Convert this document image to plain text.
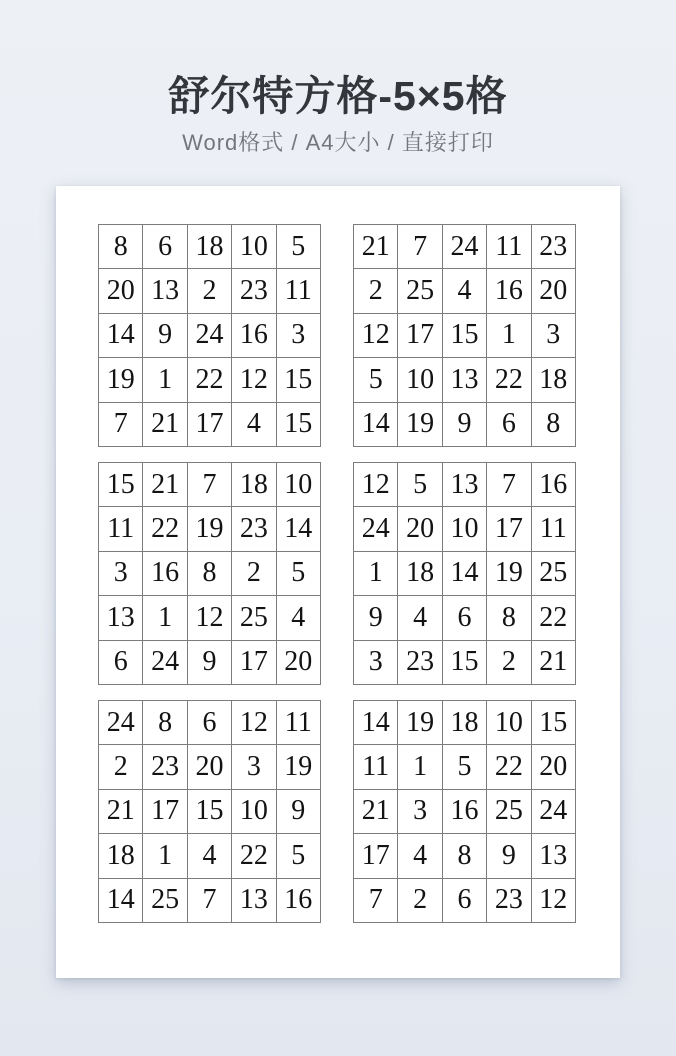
舒尔特方格-5×5格
Word格式 / A4大小 / 直接打印
8	6	18	10	5
20	13	2	23	11
14	9	24	16	3
19	1	22	12	15
7	21	17	4	15
21	7	24	11	23
2	25	4	16	20
12	17	15	1	3
5	10	13	22	18
14	19	9	6	8
15	21	7	18	10
11	22	19	23	14
3	16	8	2	5
13	1	12	25	4
6	24	9	17	20
12	5	13	7	16
24	20	10	17	11
1	18	14	19	25
9	4	6	8	22
3	23	15	2	21
24	8	6	12	11
2	23	20	3	19
21	17	15	10	9
18	1	4	22	5
14	25	7	13	16
14	19	18	10	15
11	1	5	22	20
21	3	16	25	24
17	4	8	9	13
7	2	6	23	12
